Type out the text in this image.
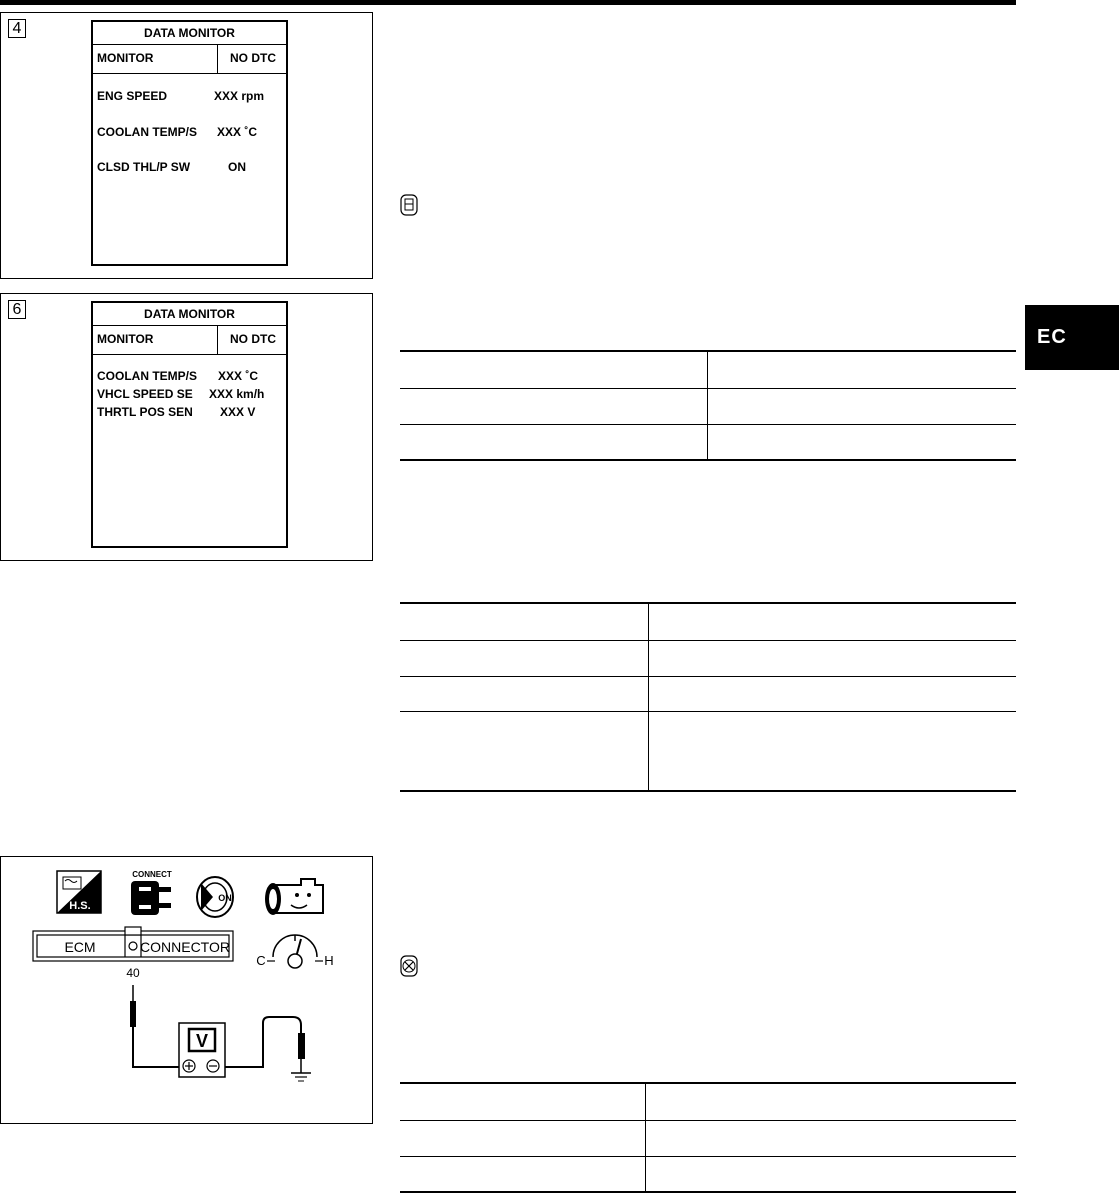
EC
4	DATA MONITOR
MONITOR	NO DTC
ENG SPEED	XXX rpm
COOLAN TEMP/S XXX ˚C
CLSD THL/P SW	ON
6	DATA MONITOR
MONITOR	NO DTC
COOLAN TEMP/S XXX ˚C
VHCL SPEED SE XXX km/h
THRTL POS SEN XXX V
H.S.
CONNECT
ON
ECM	CONNECTOR
C	H
40
V
